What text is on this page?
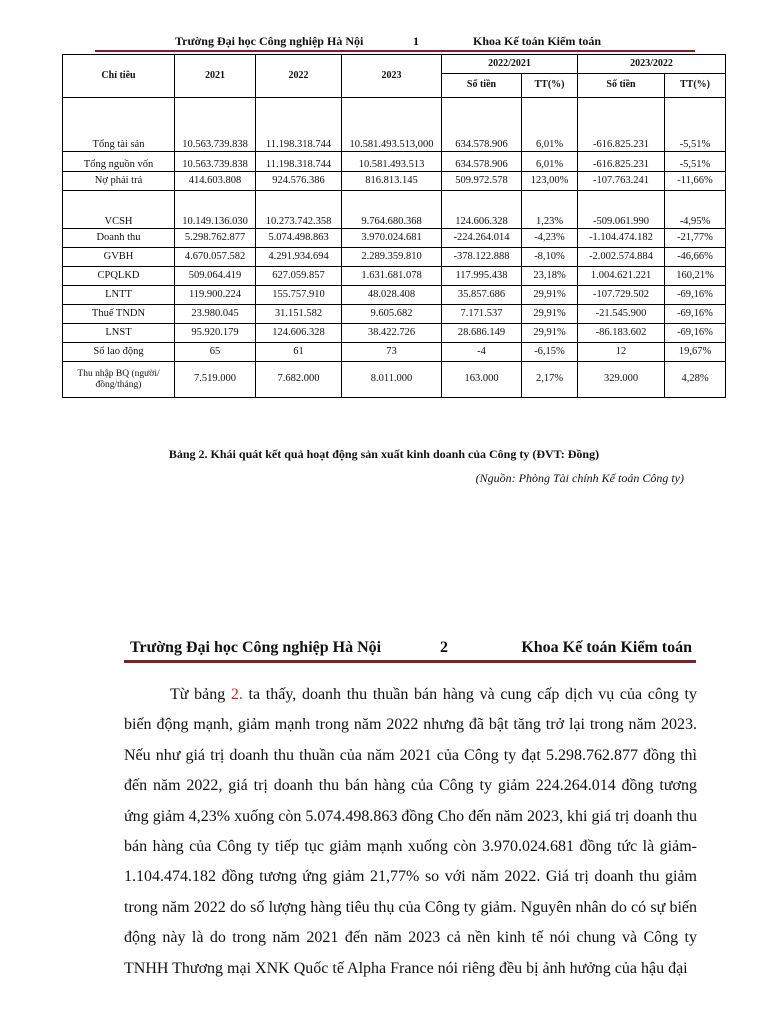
Trường Đại học Công nghiệp Hà Nội	1	Khoa Kế toán Kiểm toán
Chỉ tiêu	2021	2022	2023	2022/2021		2023/2022	
				Số tiền	TT(%)	Số tiền	TT(%)
Tổng tài sản	10.563.739.838	11.198.318.744	10.581.493.513,000	634.578.906	6,01%	-616.825.231	-5,51%
Tổng nguồn vốn	10.563.739.838	11.198.318.744	10.581.493.513	634.578.906	6,01%	-616.825.231	-5,51%
Nợ phải trả	414.603.808	924.576.386	816.813.145	509.972.578	123,00%	-107.763.241	-11,66%
VCSH	10.149.136.030	10.273.742.358	9.764.680.368	124.606.328	1,23%	-509.061.990	-4,95%
Doanh thu	5.298.762.877	5.074.498.863	3.970.024.681	-224.264.014	-4,23%	-1.104.474.182	-21,77%
GVBH	4.670.057.582	4.291.934.694	2.289.359.810	-378.122.888	-8,10%	-2.002.574.884	-46,66%
CPQLKD	509.064.419	627.059.857	1.631.681.078	117.995.438	23,18%	1.004.621.221	160,21%
LNTT	119.900.224	155.757.910	48.028.408	35.857.686	29,91%	-107.729.502	-69,16%
Thuế TNDN	23.980.045	31.151.582	9.605.682	7.171.537	29,91%	-21.545.900	-69,16%
LNST	95.920.179	124.606.328	38.422.726	28.686.149	29,91%	-86.183.602	-69,16%
Số lao động	65	61	73	-4	-6,15%	12	19,67%
Thu nhập BQ (người/đồng/tháng)	7.519.000	7.682.000	8.011.000	163.000	2,17%	329.000	4,28%
Bảng 2. Khái quát kết quả hoạt động sản xuất kinh doanh của Công ty (ĐVT: Đồng)
(Nguồn: Phòng Tài chính Kế toán Công ty)
Trường Đại học Công nghiệp Hà Nội	2	Khoa Kế toán Kiểm toán

Từ bảng 2. ta thấy, doanh thu thuần bán hàng và cung cấp dịch vụ của công ty biến động mạnh, giảm mạnh trong năm 2022 nhưng đã bật tăng trở lại trong năm 2023. Nếu như giá trị doanh thu thuần của năm 2021 của Công ty đạt 5.298.762.877 đồng thì đến năm 2022, giá trị doanh thu bán hàng của Công ty giảm 224.264.014 đồng tương ứng giảm 4,23% xuống còn 5.074.498.863 đồng Cho đến năm 2023, khi giá trị doanh thu bán hàng của Công ty tiếp tục giảm mạnh xuống còn 3.970.024.681 đồng tức là giảm-1.104.474.182 đồng tương ứng giảm 21,77% so với năm 2022. Giá trị doanh thu giảm trong năm 2022 do số lượng hàng tiêu thụ của Công ty giảm. Nguyên nhân do có sự biến động này là do trong năm 2021 đến năm 2023 cả nền kinh tế nói chung và Công ty TNHH Thương mại XNK Quốc tế Alpha France nói riêng đều bị ảnh hưởng của hậu đại
